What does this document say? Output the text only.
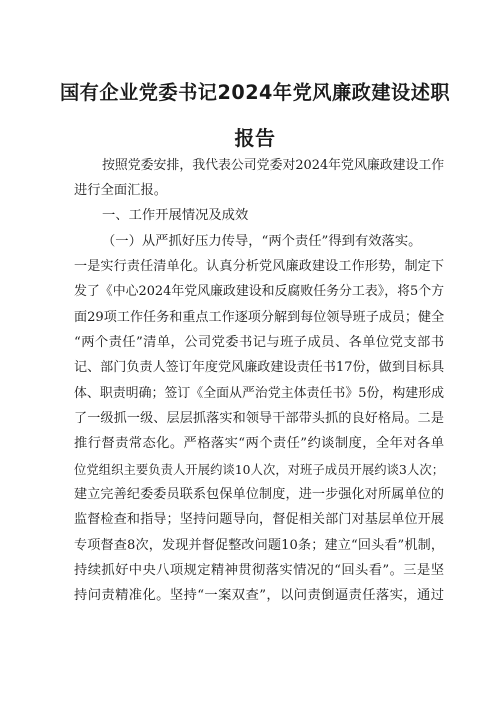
国有企业党委书记2024年党风廉政建设述职
报告
按照党委安排，我代表公司党委对2024年党风廉政建设工作
进行全面汇报。
一、工作开展情况及成效
（一）从严抓好压力传导，“两个责任”得到有效落实。
一是实行责任清单化。认真分析党风廉政建设工作形势，制定下
发了《中心2024年党风廉政建设和反腐败任务分工表》，将5个方
面29项工作任务和重点工作逐项分解到每位领导班子成员；健全
“两个责任”清单，公司党委书记与班子成员、各单位党支部书
记、部门负责人签订年度党风廉政建设责任书17份，做到目标具
体、职责明确；签订《全面从严治党主体责任书》5份，构建形成
了一级抓一级、层层抓落实和领导干部带头抓的良好格局。二是
推行督责常态化。严格落实“两个责任”约谈制度，全年对各单
位党组织主要负责人开展约谈10人次，对班子成员开展约谈3人次；
建立完善纪委委员联系包保单位制度，进一步强化对所属单位的
监督检查和指导；坚持问题导向，督促相关部门对基层单位开展
专项督查8次，发现并督促整改问题10条；建立“回头看”机制，
持续抓好中央八项规定精神贯彻落实情况的“回头看”。三是坚
持问责精准化。坚持“一案双查”，以问责倒逼责任落实，通过
